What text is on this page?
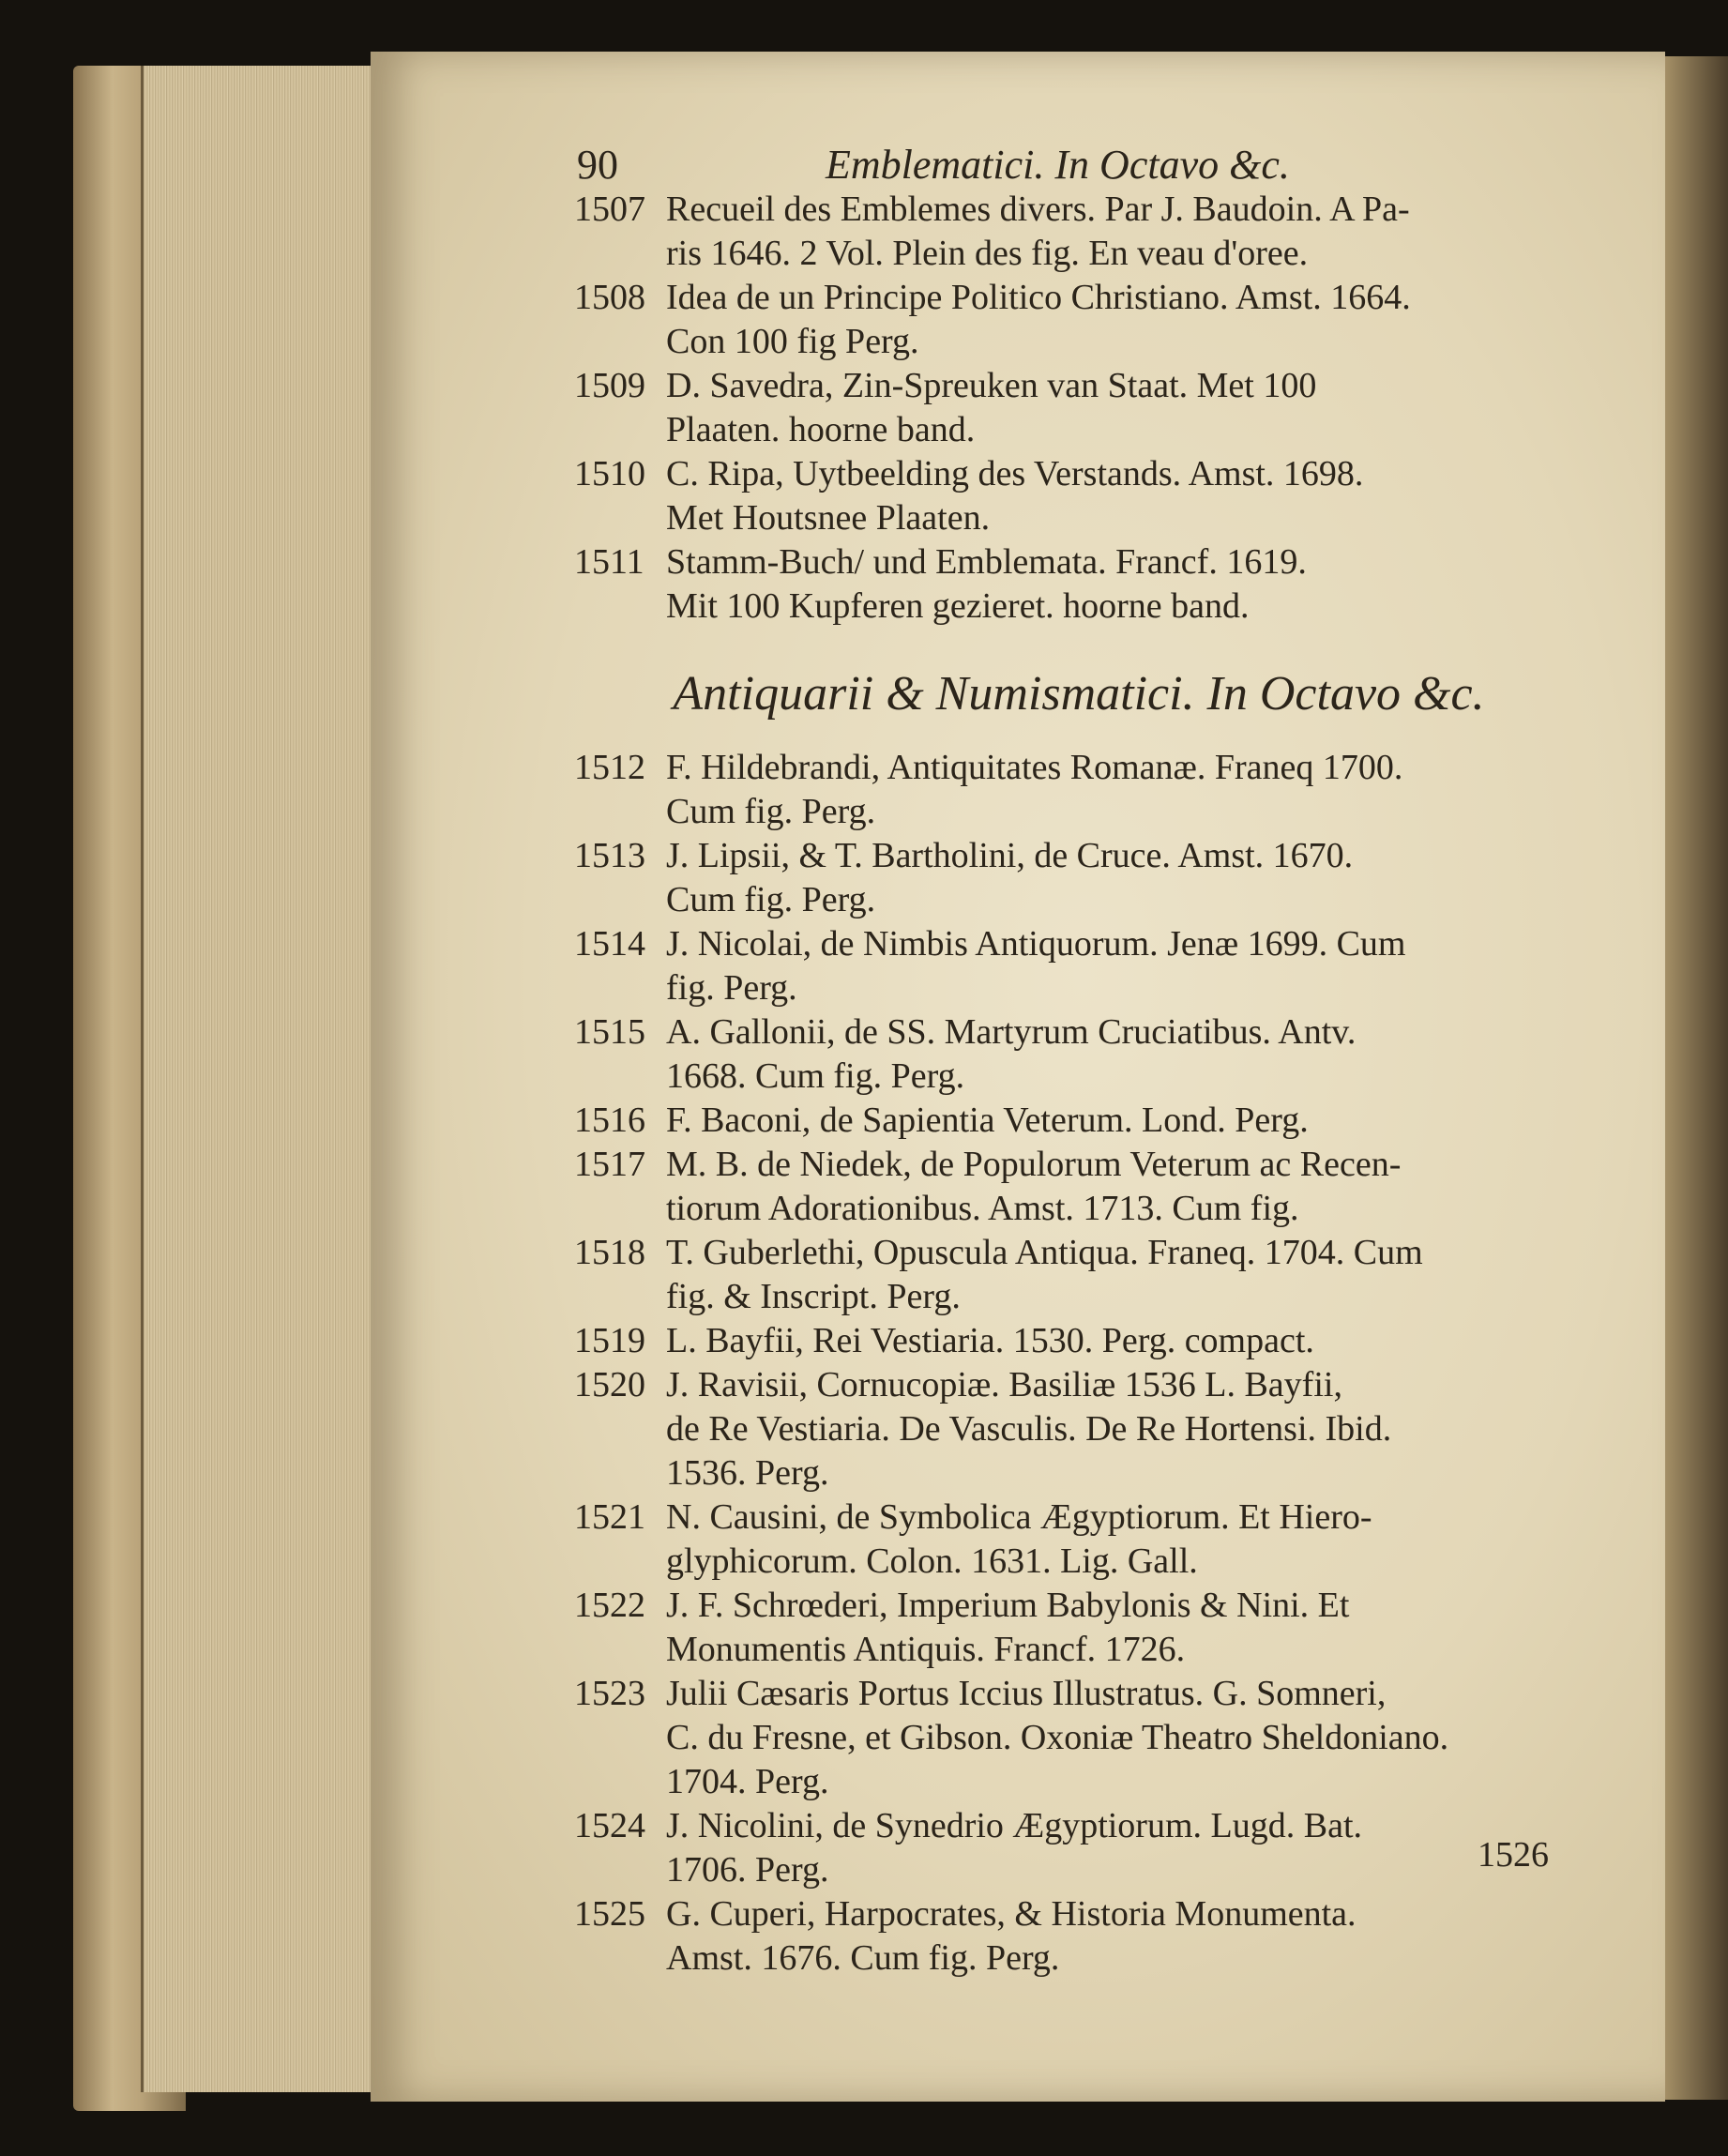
90	Emblematici. In Octavo &c.
1507 Recueil des Emblemes divers. Par J. Baudoin. A Pa-
ris 1646. 2 Vol. Plein des fig. En veau d'oree.
1508 Idea de un Principe Politico Christiano. Amst. 1664.
Con 100 fig Perg.
1509 D. Savedra, Zin-Spreuken van Staat. Met 100
Plaaten. hoorne band.
1510 C. Ripa, Uytbeelding des Verstands. Amst. 1698.
Met Houtsnee Plaaten.
1511 Stamm-Buch/ und Emblemata. Francf. 1619.
Mit 100 Kupferen gezieret. hoorne band.
Antiquarii & Numismatici. In Octavo &c.
1512 F. Hildebrandi, Antiquitates Romanæ. Franeq 1700.
Cum fig. Perg.
1513 J. Lipsii, & T. Bartholini, de Cruce. Amst. 1670.
Cum fig. Perg.
1514 J. Nicolai, de Nimbis Antiquorum. Jenæ 1699. Cum
fig. Perg.
1515 A. Gallonii, de SS. Martyrum Cruciatibus. Antv.
1668. Cum fig. Perg.
1516 F. Baconi, de Sapientia Veterum. Lond. Perg.
1517 M. B. de Niedek, de Populorum Veterum ac Recen-
tiorum Adorationibus. Amst. 1713. Cum fig.
1518 T. Guberlethi, Opuscula Antiqua. Franeq. 1704. Cum
fig. & Inscript. Perg.
1519 L. Bayfii, Rei Vestiaria. 1530. Perg. compact.
1520 J. Ravisii, Cornucopiæ. Basiliæ 1536 L. Bayfii,
de Re Vestiaria. De Vasculis. De Re Hortensi. Ibid.
1536. Perg.
1521 N. Causini, de Symbolica Ægyptiorum. Et Hiero-
glyphicorum. Colon. 1631. Lig. Gall.
1522 J. F. Schrœderi, Imperium Babylonis & Nini. Et
Monumentis Antiquis. Francf. 1726.
1523 Julii Cæsaris Portus Iccius Illustratus. G. Somneri,
C. du Fresne, et Gibson. Oxoniæ Theatro Sheldoniano.
1704. Perg.
1524 J. Nicolini, de Synedrio Ægyptiorum. Lugd. Bat.
1706. Perg.
1525 G. Cuperi, Harpocrates, & Historia Monumenta.
Amst. 1676. Cum fig. Perg.
1526
